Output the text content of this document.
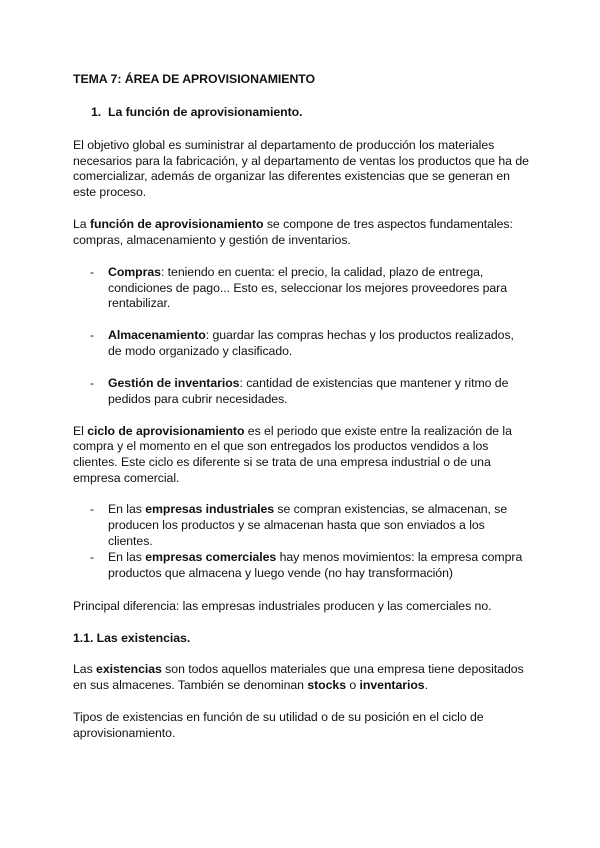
TEMA 7: ÁREA DE APROVISIONAMIENTO
1. La función de aprovisionamiento.
El objetivo global es suministrar al departamento de producción los materiales
necesarios para la fabricación, y al departamento de ventas los productos que ha de
comercializar, además de organizar las diferentes existencias que se generan en
este proceso.
La función de aprovisionamiento se compone de tres aspectos fundamentales:
compras, almacenamiento y gestión de inventarios.
- Compras: teniendo en cuenta: el precio, la calidad, plazo de entrega,
condiciones de pago... Esto es, seleccionar los mejores proveedores para
rentabilizar.
- Almacenamiento: guardar las compras hechas y los productos realizados,
de modo organizado y clasificado.
- Gestión de inventarios: cantidad de existencias que mantener y ritmo de
pedidos para cubrir necesidades.
El ciclo de aprovisionamiento es el periodo que existe entre la realización de la
compra y el momento en el que son entregados los productos vendidos a los
clientes. Este ciclo es diferente si se trata de una empresa industrial o de una
empresa comercial.
- En las empresas industriales se compran existencias, se almacenan, se
producen los productos y se almacenan hasta que son enviados a los
clientes.
- En las empresas comerciales hay menos movimientos: la empresa compra
productos que almacena y luego vende (no hay transformación)
Principal diferencia: las empresas industriales producen y las comerciales no.
1.1. Las existencias.
Las existencias son todos aquellos materiales que una empresa tiene depositados
en sus almacenes. También se denominan stocks o inventarios.
Tipos de existencias en función de su utilidad o de su posición en el ciclo de
aprovisionamiento.
